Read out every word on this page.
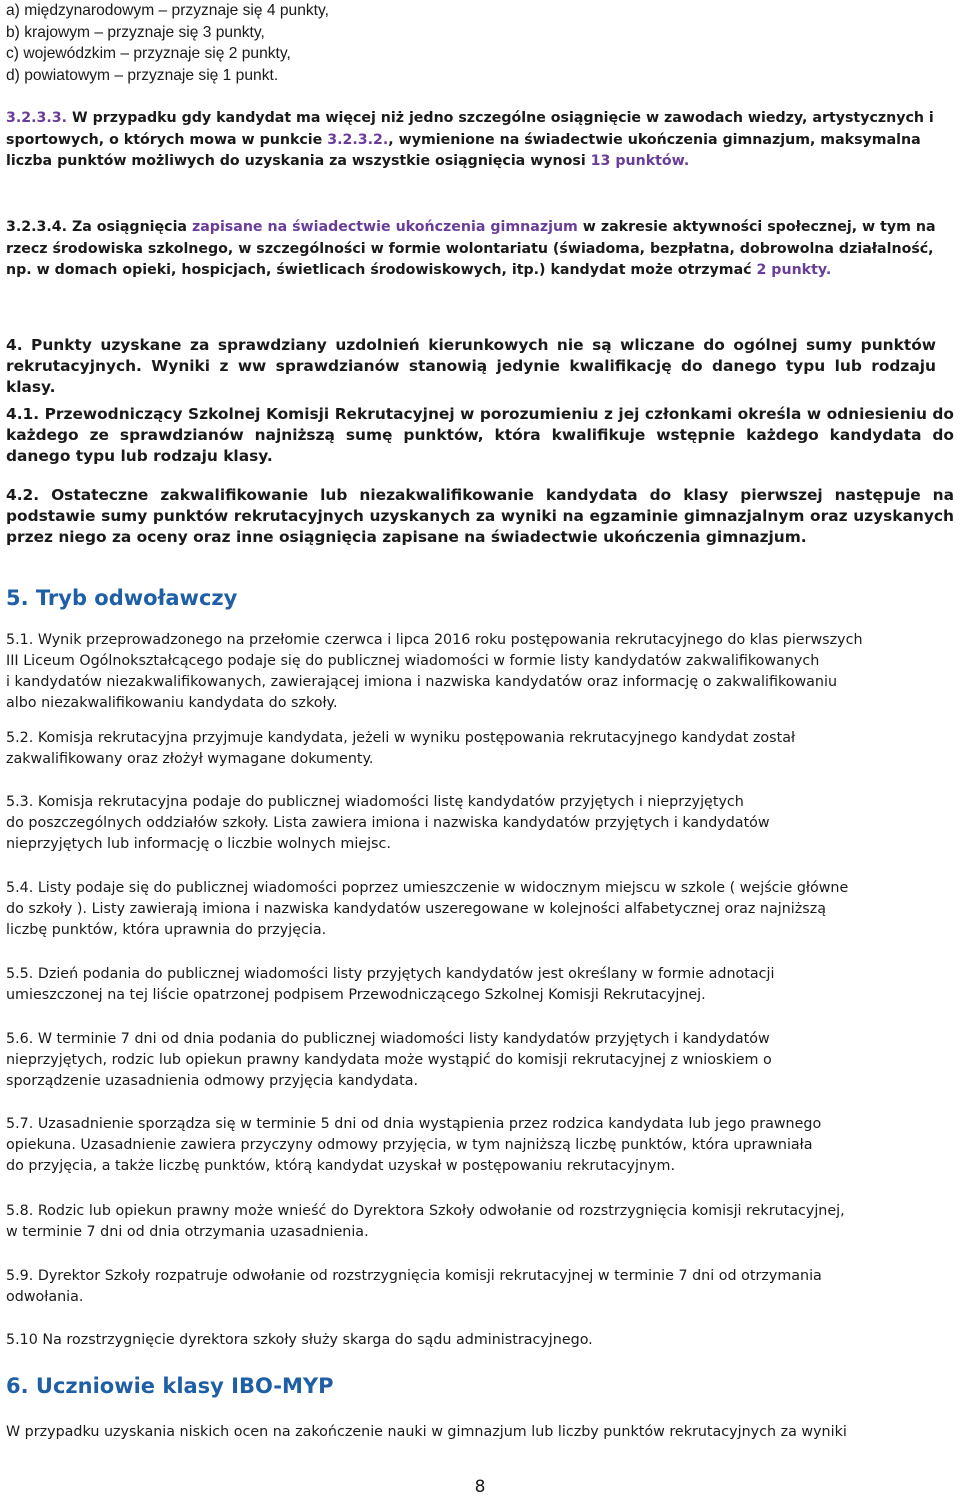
a) międzynarodowym – przyznaje się 4 punkty,

b) krajowym – przyznaje się 3 punkty,

c) wojewódzkim – przyznaje się 2 punkty,

d) powiatowym – przyznaje się 1 punkt.

3.2.3.3. W przypadku gdy kandydat ma więcej niż jedno szczególne osiągnięcie w zawodach wiedzy, artystycznych i sportowych, o których mowa w punkcie 3.2.3.2., wymienione na świadectwie ukończenia gimnazjum, maksymalna liczba punktów możliwych do uzyskania za wszystkie osiągnięcia wynosi 13 punktów.

3.2.3.4. Za osiągnięcia zapisane na świadectwie ukończenia gimnazjum w zakresie aktywności społecznej, w tym na rzecz środowiska szkolnego, w szczególności w formie wolontariatu (świadoma, bezpłatna, dobrowolna działalność, np. w domach opieki, hospicjach, świetlicach środowiskowych, itp.) kandydat może otrzymać 2 punkty.

4. Punkty uzyskane za sprawdziany uzdolnień kierunkowych nie są wliczane do ogólnej sumy punktów rekrutacyjnych. Wyniki z ww sprawdzianów stanowią jedynie kwalifikację do danego typu lub rodzaju klasy.

4.1. Przewodniczący Szkolnej Komisji Rekrutacyjnej w porozumieniu z jej członkami określa w odniesieniu do każdego ze sprawdzianów najniższą sumę punktów, która kwalifikuje wstępnie każdego kandydata do danego typu lub rodzaju klasy.

4.2. Ostateczne zakwalifikowanie lub niezakwalifikowanie kandydata do klasy pierwszej następuje na podstawie sumy punktów rekrutacyjnych uzyskanych za wyniki na egzaminie gimnazjalnym oraz uzyskanych przez niego za oceny oraz inne osiągnięcia zapisane na świadectwie ukończenia gimnazjum.

5. Tryb odwoławczy

5.1. Wynik przeprowadzonego na przełomie czerwca i lipca 2016 roku postępowania rekrutacyjnego do klas pierwszych

III Liceum Ogólnokształcącego podaje się do publicznej wiadomości w formie listy kandydatów zakwalifikowanych

i kandydatów niezakwalifikowanych, zawierającej imiona i nazwiska kandydatów oraz informację o zakwalifikowaniu

albo niezakwalifikowaniu kandydata do szkoły.

5.2. Komisja rekrutacyjna przyjmuje kandydata, jeżeli w wyniku postępowania rekrutacyjnego kandydat został

zakwalifikowany oraz złożył wymagane dokumenty.

5.3. Komisja rekrutacyjna podaje do publicznej wiadomości listę kandydatów przyjętych i nieprzyjętych

do poszczególnych oddziałów szkoły. Lista zawiera imiona i nazwiska kandydatów przyjętych i kandydatów

nieprzyjętych lub informację o liczbie wolnych miejsc.

5.4. Listy podaje się do publicznej wiadomości poprzez umieszczenie w widocznym miejscu w szkole ( wejście główne

do szkoły ). Listy zawierają imiona i nazwiska kandydatów uszeregowane w kolejności alfabetycznej oraz najniższą

liczbę punktów, która uprawnia do przyjęcia.

5.5. Dzień podania do publicznej wiadomości listy przyjętych kandydatów jest określany w formie adnotacji

umieszczonej na tej liście opatrzonej podpisem Przewodniczącego Szkolnej Komisji Rekrutacyjnej.

5.6. W terminie 7 dni od dnia podania do publicznej wiadomości listy kandydatów przyjętych i kandydatów

nieprzyjętych, rodzic lub opiekun prawny kandydata może wystąpić do komisji rekrutacyjnej z wnioskiem o

sporządzenie uzasadnienia odmowy przyjęcia kandydata.

5.7. Uzasadnienie sporządza się w terminie 5 dni od dnia wystąpienia przez rodzica kandydata lub jego prawnego

opiekuna. Uzasadnienie zawiera przyczyny odmowy przyjęcia, w tym najniższą liczbę punktów, która uprawniała

do przyjęcia, a także liczbę punktów, którą kandydat uzyskał w postępowaniu rekrutacyjnym.

5.8. Rodzic lub opiekun prawny może wnieść do Dyrektora Szkoły odwołanie od rozstrzygnięcia komisji rekrutacyjnej,

w terminie 7 dni od dnia otrzymania uzasadnienia.

5.9. Dyrektor Szkoły rozpatruje odwołanie od rozstrzygnięcia komisji rekrutacyjnej w terminie 7 dni od otrzymania

odwołania.

5.10 Na rozstrzygnięcie dyrektora szkoły służy skarga do sądu administracyjnego.

6. Uczniowie klasy IBO-MYP

W przypadku uzyskania niskich ocen na zakończenie nauki w gimnazjum lub liczby punktów rekrutacyjnych za wyniki

8
